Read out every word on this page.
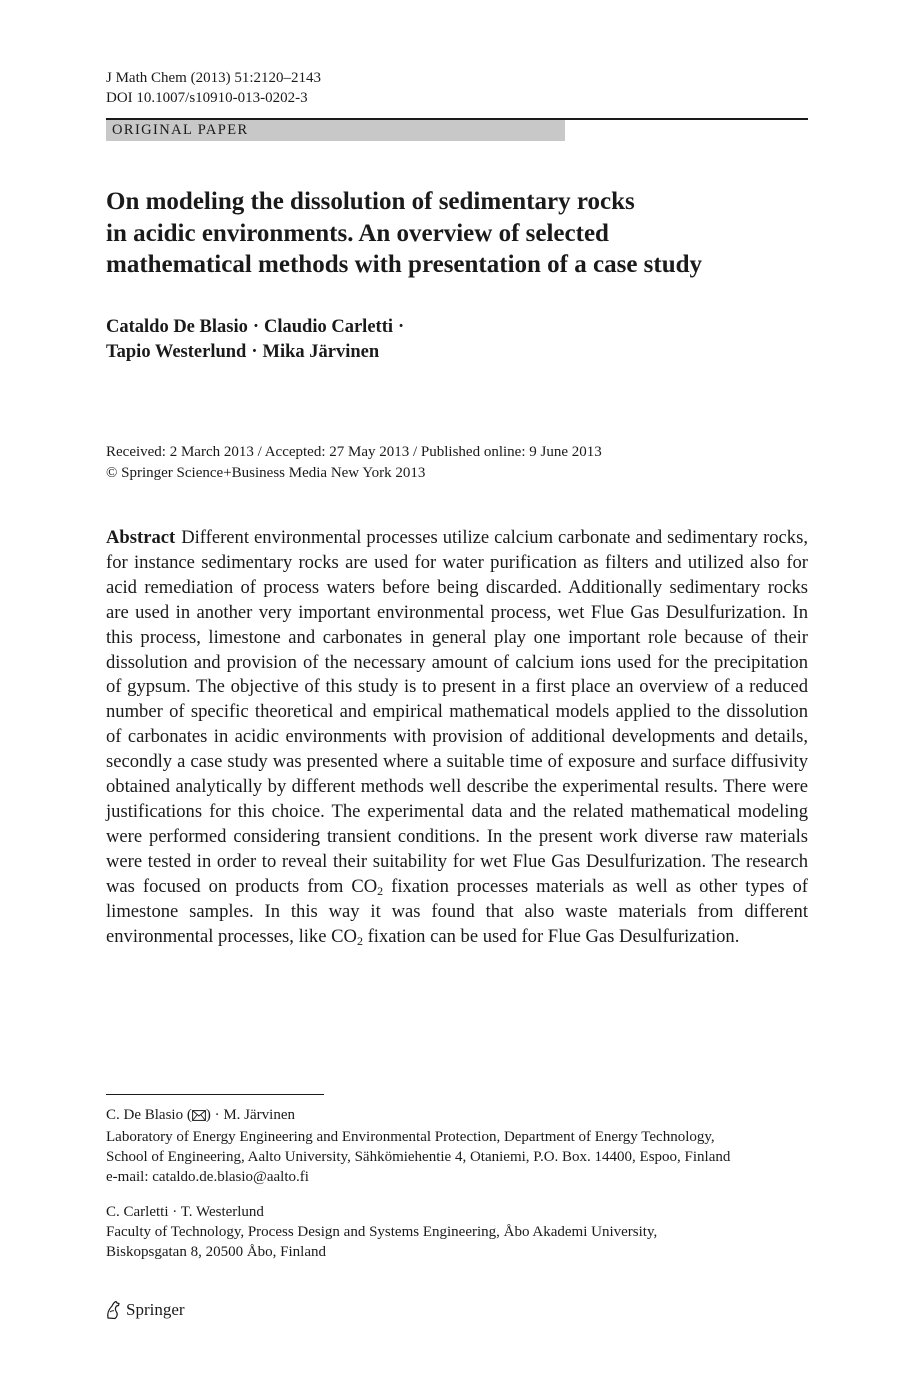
J Math Chem (2013) 51:2120–2143
DOI 10.1007/s10910-013-0202-3
ORIGINAL PAPER
On modeling the dissolution of sedimentary rocks
in acidic environments. An overview of selected
mathematical methods with presentation of a case study
Cataldo De Blasio · Claudio Carletti ·
Tapio Westerlund · Mika Järvinen
Received: 2 March 2013 / Accepted: 27 May 2013 / Published online: 9 June 2013
© Springer Science+Business Media New York 2013

Abstract Different environmental processes utilize calcium carbonate and sedimentary rocks, for instance sedimentary rocks are used for water purification as filters and utilized also for acid remediation of process waters before being discarded. Additionally sedimentary rocks are used in another very important environmental process, wet Flue Gas Desulfurization. In this process, limestone and carbonates in general play one important role because of their dissolution and provision of the necessary amount of calcium ions used for the precipitation of gypsum. The objective of this study is to present in a first place an overview of a reduced number of specific theoretical and empirical mathematical models applied to the dissolution of carbonates in acidic environments with provision of additional developments and details, secondly a case study was presented where a suitable time of exposure and surface diffusivity obtained analytically by different methods well describe the experimental results. There were justifications for this choice. The experimental data and the related mathematical modeling were performed considering transient conditions. In the present work diverse raw materials were tested in order to reveal their suitability for wet Flue Gas Desulfurization. The research was focused on products from $CO_2$ fixation processes materials as well as other types of limestone samples. In this way it was found that also waste materials from different environmental processes, like $CO_2$ fixation can be used for Flue Gas Desulfurization.

C. De Blasio ( ) · M. Järvinen
Laboratory of Energy Engineering and Environmental Protection, Department of Energy Technology,
School of Engineering, Aalto University, Sähkömiehentie 4, Otaniemi, P.O. Box. 14400, Espoo, Finland
e-mail: cataldo.de.blasio@aalto.fi
C. Carletti · T. Westerlund
Faculty of Technology, Process Design and Systems Engineering, Åbo Akademi University,
Biskopsgatan 8, 20500 Åbo, Finland
Springer
